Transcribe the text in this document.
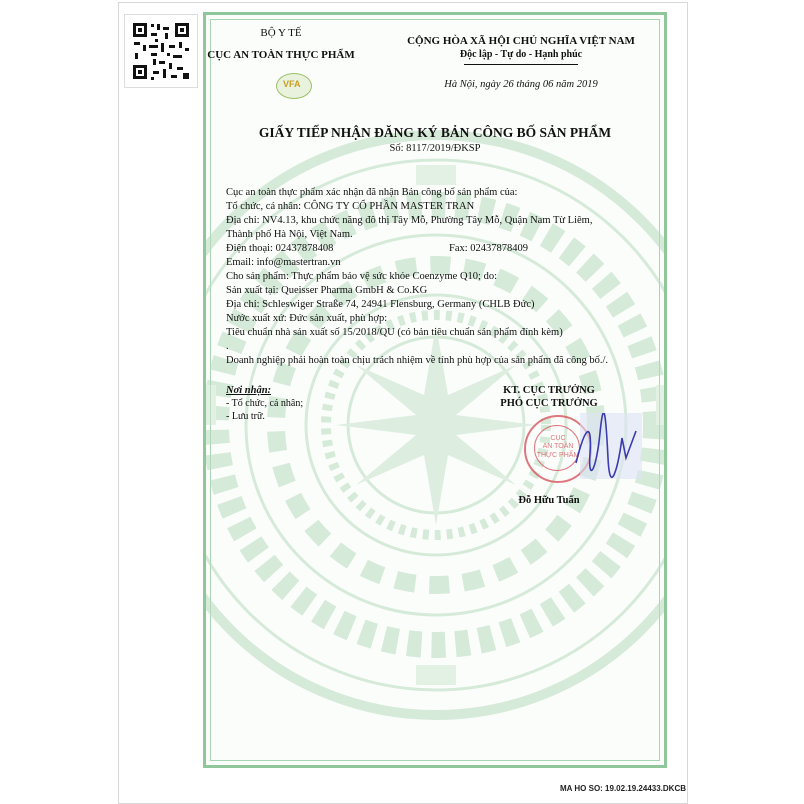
VFA
BỘ Y TẾ
CỤC AN TOÀN THỰC PHẨM
CỘNG HÒA XÃ HỘI CHỦ NGHĨA VIỆT NAM
Độc lập - Tự do - Hạnh phúc
Hà Nội, ngày 26 tháng 06 năm 2019
GIẤY TIẾP NHẬN ĐĂNG KÝ BẢN CÔNG BỐ SẢN PHẨM
Số: 8117/2019/ĐKSP
Cục an toàn thực phẩm xác nhận đã nhận Bản công bố sản phẩm của:
Tổ chức, cá nhân: CÔNG TY CỔ PHẦN MASTER TRAN
Địa chỉ: NV4.13, khu chức năng đô thị Tây Mỗ, Phường Tây Mỗ, Quận Nam Từ Liêm,
Thành phố Hà Nội, Việt Nam.
Điện thoại: 02437878408	Fax: 02437878409
Email: info@mastertran.vn
Cho sản phẩm: Thực phẩm bảo vệ sức khỏe Coenzyme Q10; do:
Sản xuất tại: Queisser Pharma GmbH & Co.KG
Địa chỉ: Schleswiger Straße 74, 24941 Flensburg, Germany (CHLB Đức)
Nước xuất xứ: Đức sản xuất, phù hợp:
Tiêu chuẩn nhà sản xuất số 15/2018/QU (có bản tiêu chuẩn sản phẩm đính kèm)
.
Doanh nghiệp phải hoàn toàn chịu trách nhiệm về tính phù hợp của sản phẩm đã công bố./.
Nơi nhận:
- Tổ chức, cá nhân;
- Lưu trữ.
KT. CỤC TRƯỞNG
PHÓ CỤC TRƯỞNG
CỤC
AN TOÀN
THỰC PHẨM
Đỗ Hữu Tuấn
MA HO SO: 19.02.19.24433.DKCB
